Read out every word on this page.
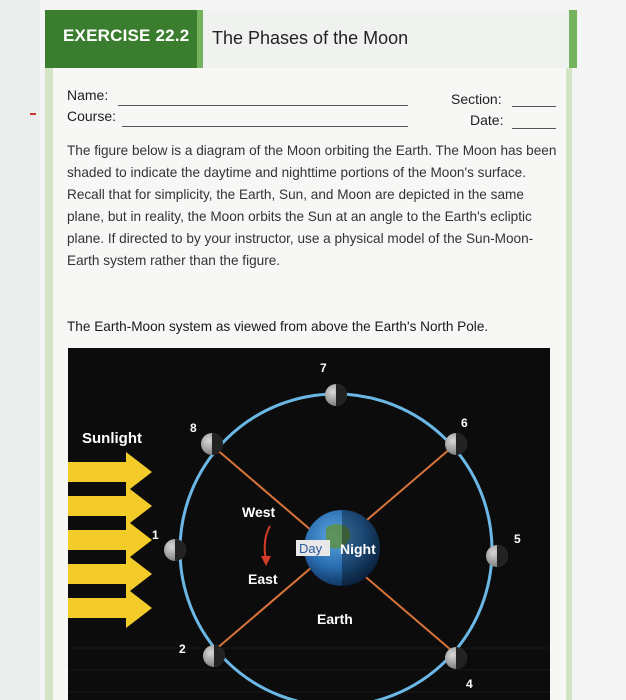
EXERCISE 22.2 The Phases of the Moon
Name:
Course:
Section:
Date:
The figure below is a diagram of the Moon orbiting the Earth. The Moon has been shaded to indicate the daytime and nighttime portions of the Moon's surface. Recall that for simplicity, the Earth, Sun, and Moon are depicted in the same plane, but in reality, the Moon orbits the Sun at an angle to the Earth's ecliptic plane. If directed to by your instructor, use a physical model of the Sun-Moon-Earth system rather than the figure.
The Earth-Moon system as viewed from above the Earth's North Pole.
Sunlight
Day Night
Earth
West
East
1
2
4
5
6
7
8
